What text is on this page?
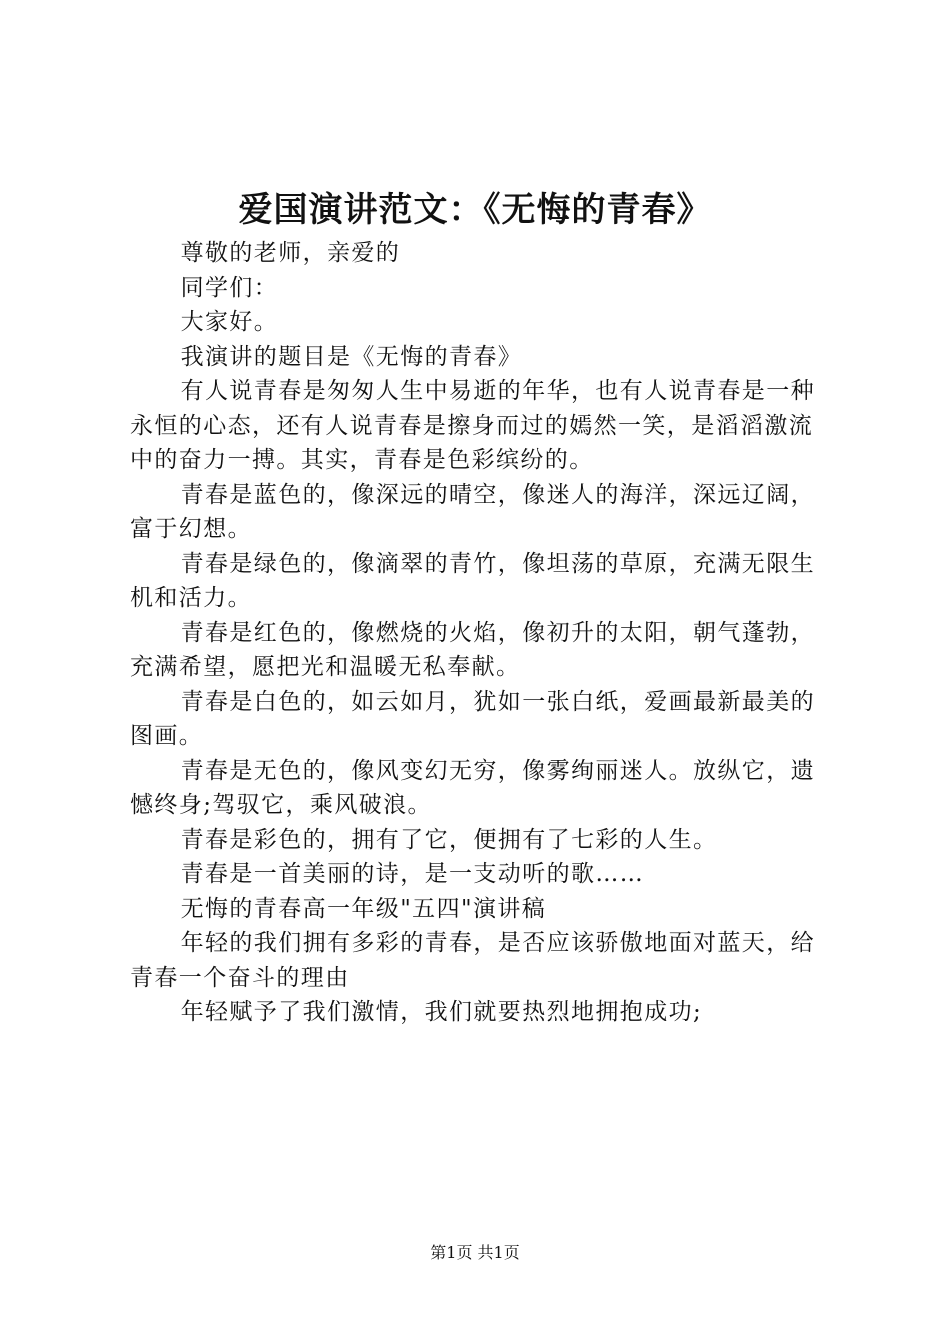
爱国演讲范文：《无悔的青春》

尊敬的老师，亲爱的

同学们：

大家好。

我演讲的题目是《无悔的青春》

有人说青春是匆匆人生中易逝的年华，也有人说青春是一种永恒的心态，还有人说青春是擦身而过的嫣然一笑，是滔滔激流中的奋力一搏。其实，青春是色彩缤纷的。

青春是蓝色的，像深远的晴空，像迷人的海洋，深远辽阔，富于幻想。

青春是绿色的，像滴翠的青竹，像坦荡的草原，充满无限生机和活力。

青春是红色的，像燃烧的火焰，像初升的太阳，朝气蓬勃，充满希望，愿把光和温暖无私奉献。

青春是白色的，如云如月，犹如一张白纸，爱画最新最美的图画。

青春是无色的，像风变幻无穷，像雾绚丽迷人。放纵它，遗憾终身;驾驭它，乘风破浪。

青春是彩色的，拥有了它，便拥有了七彩的人生。

青春是一首美丽的诗，是一支动听的歌……

无悔的青春高一年级"五四"演讲稿

年轻的我们拥有多彩的青春，是否应该骄傲地面对蓝天，给青春一个奋斗的理由

年轻赋予了我们激情，我们就要热烈地拥抱成功;

第1页 共1页
